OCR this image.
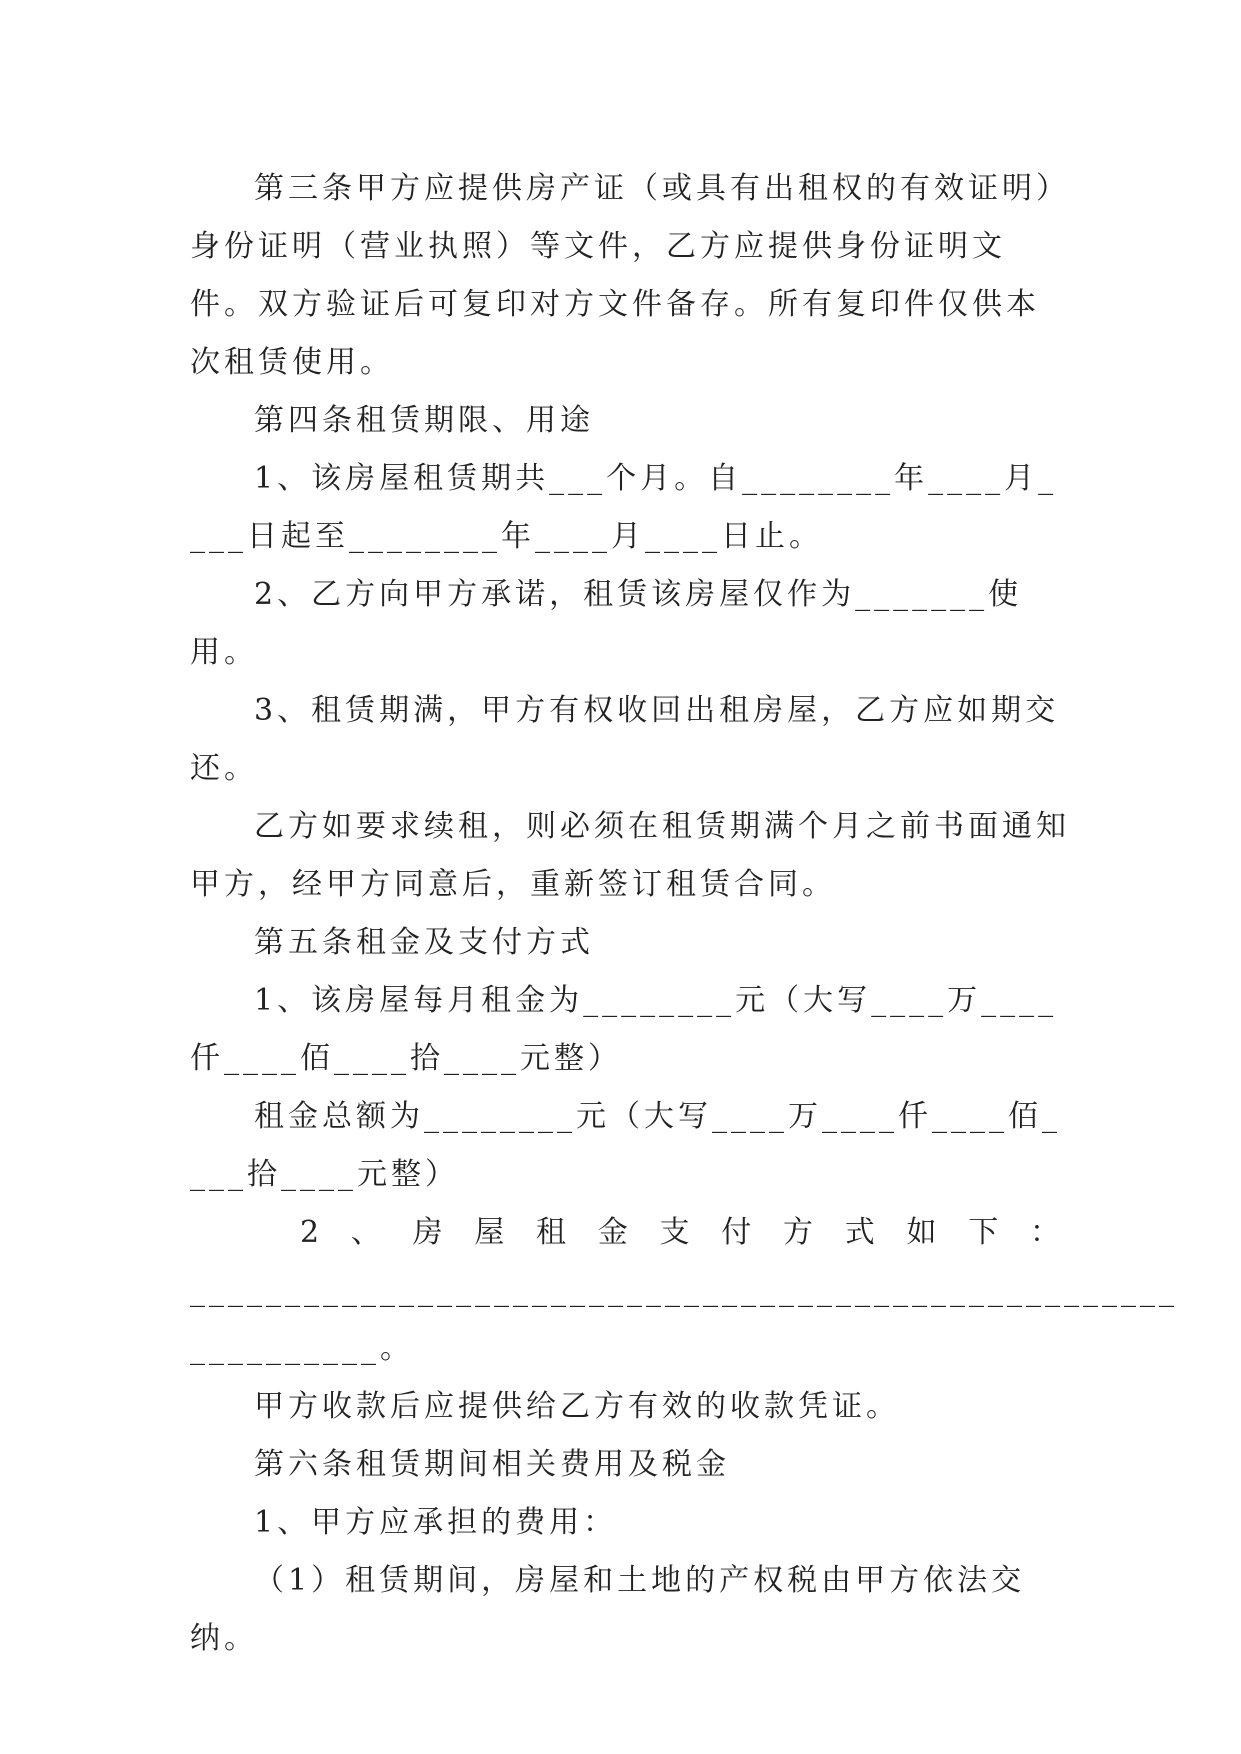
第三条甲方应提供房产证（或具有出租权的有效证明）身份证明（营业执照）等文件，乙方应提供身份证明文件。双方验证后可复印对方文件备存。所有复印件仅供本次租赁使用。

第四条租赁期限、用途

1、该房屋租赁期共___个月。自________年____月____日起至________年____月____日止。

2、乙方向甲方承诺，租赁该房屋仅作为_______使用。

3、租赁期满，甲方有权收回出租房屋，乙方应如期交还。

乙方如要求续租，则必须在租赁期满个月之前书面通知甲方，经甲方同意后，重新签订租赁合同。

第五条租金及支付方式

1、该房屋每月租金为________元（大写____万____仟____佰____拾____元整）

租金总额为________元（大写____万____仟____佰____拾____元整）

2、房屋租金支付方式如下：

____________________________________________________

__________。

甲方收款后应提供给乙方有效的收款凭证。

第六条租赁期间相关费用及税金

1、甲方应承担的费用：

（1）租赁期间，房屋和土地的产权税由甲方依法交纳。
